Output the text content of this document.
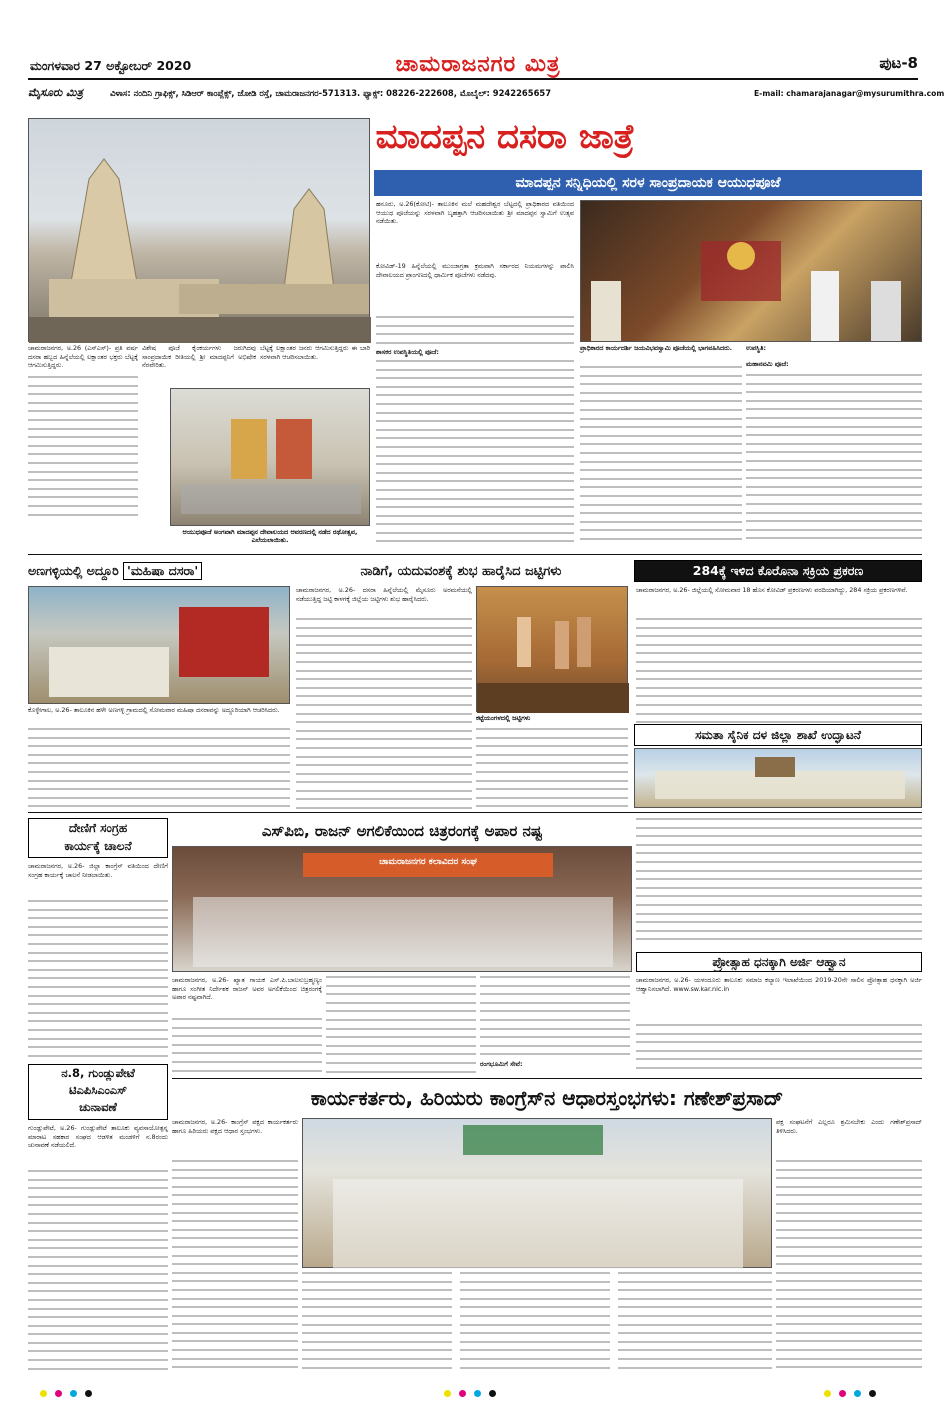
ಮಂಗಳವಾರ 27 ಅಕ್ಟೋಬರ್ 2020	ಚಾಮರಾಜನಗರ ಮಿತ್ರ	ಪುಟ-8
ಮೈಸೂರು ಮಿತ್ರ	ವಿಳಾಸ: ನಂದಿನಿ ಗ್ರಾಫಿಕ್ಸ್, ಸಿಡಿಆರ್ ಕಾಂಪ್ಲೆಕ್ಸ್, ಜೋಡಿ ರಸ್ತೆ, ಚಾಮರಾಜನಗರ-571313. ಫ್ಯಾಕ್ಸ್: 08226-222608, ಮೊಬೈಲ್: 9242265657	E-mail: chamarajanagar@mysurumithra.com
ಮಾದಪ್ಪನ ದಸರಾ ಜಾತ್ರೆ
ಮಾದಪ್ಪನ ಸನ್ನಿಧಿಯಲ್ಲಿ ಸರಳ ಸಾಂಪ್ರದಾಯಕ ಆಯುಧಪೂಜೆ
ಹನೂರು, ಅ.26(ಕೋಟಿ)- ತಾಲೂಕಿನ ಮಲೆ ಮಹದೇಶ್ವರ ಬೆಟ್ಟದಲ್ಲಿ ಪ್ರಾಧಿಕಾರದ ವತಿಯಿಂದ ಆಯುಧ ಪೂಜೆಯನ್ನು ಸರಳವಾಗಿ ಬೃಹತ್ತಾಗಿ ಆಚರಿಸಲಾಯಿತು ಶ್ರೀ ಮಾದಪ್ಪನ ಸ್ವಾಮಿಗೆ ಉತ್ಸವ ನಡೆಯಿತು.
ಕೋವಿಡ್-19 ಹಿನ್ನೆಲೆಯಲ್ಲಿ ಮುಂಜಾಗ್ರತಾ ಕ್ರಮವಾಗಿ ಸರ್ಕಾರದ ನಿಯಮಗಳನ್ನು ಪಾಲಿಸಿ ದೇವಾಲಯದ ಪ್ರಾಂಗಣದಲ್ಲಿ ಧಾರ್ಮಿಕ ಪೂಜೆಗಳು ನಡೆದವು.
ಚಾಮರಾಜನಗರ, ಅ.26 (ಎಸ್‌ಎಸ್)- ಪ್ರತಿ ವರ್ಷ ದಸರಾ ಹಬ್ಬದ ಹಿನ್ನೆಲೆಯಲ್ಲಿ ಲಕ್ಷಾಂತರ ಭಕ್ತರು ಬೆಟ್ಟಕ್ಕೆ ಆಗಮಿಸುತ್ತಿದ್ದರು.
ವಿಶೇಷ ಪೂಜೆ ಕೈಂಕರ್ಯಗಳು ಜರುಗಿದವು ಸಾಂಪ್ರದಾಯಿಕ ರೀತಿಯಲ್ಲಿ ಶ್ರೀ ಮಾದಪ್ಪನಿಗೆ ಅಭಿಷೇಕ ನೆರವೇರಿತು.
ಬೆಟ್ಟಕ್ಕೆ ಲಕ್ಷಾಂತರ ಜನರು ಆಗಮಿಸುತ್ತಿದ್ದರು ಈ ಬಾರಿ ಸರಳವಾಗಿ ಆಚರಿಸಲಾಯಿತು.
ಆಯುಧಪೂಜೆ ಅಂಗವಾಗಿ ಮಾದಪ್ಪನ ದೇವಾಲಯದ ಆವರಣದಲ್ಲಿ ನಡೆದ ರಥೋತ್ಸವ, ಎಲೆಯಲಾಯಿತು.
ಪ್ರಾಧಿಕಾರದ ಕಾರ್ಯದರ್ಶಿ ಜಯವಿಭವಸ್ವಾಮಿ ಪೂಜೆಯಲ್ಲಿ ಭಾಗವಹಿಸಿದರು.
ಶಾಸಕರ ಉಪಸ್ಥಿತಿಯಲ್ಲಿ ಪೂಜೆ:	ಉಪಸ್ಥಿತಿ:
ಮಹಾನವಮಿ ಪೂಜೆ:
ಅಣಗಳ್ಳಿಯಲ್ಲಿ ಅದ್ದೂರಿ
'ಮಹಿಷಾ ದಸರಾ'
ಕೊಳ್ಳೇಗಾಲ, ಅ.26- ತಾಲೂಕಿನ ಹಳೇ ಅಣಗಳ್ಳಿ ಗ್ರಾಮದಲ್ಲಿ ಸೋಮವಾರ ಮಹಿಷಾ ದಸರಾವನ್ನು ಅದ್ದೂರಿಯಾಗಿ ಆಚರಿಸಿದರು.
ನಾಡಿಗೆ, ಯದುವಂಶಕ್ಕೆ ಶುಭ ಹಾರೈಸಿದ ಜಟ್ಟಿಗಳು
ಚಾಮರಾಜನಗರ, ಅ.26- ದಸರಾ ಹಿನ್ನೆಲೆಯಲ್ಲಿ ಮೈಸೂರು ಅರಮನೆಯಲ್ಲಿ ನಡೆಯುತ್ತಿದ್ದ ಜಟ್ಟಿ ಕಾಳಗಕ್ಕೆ ಜಿಲ್ಲೆಯ ಜಟ್ಟಿಗಳು ಶುಭ ಹಾರೈಸಿದರು.
ಕಟ್ಟೆಯಂಗಳದಲ್ಲಿ ಜಟ್ಟಿಗಳು
284ಕ್ಕೆ ಇಳಿದ ಕೊರೊನಾ ಸಕ್ರಿಯ ಪ್ರಕರಣ
ಚಾಮರಾಜನಗರ, ಅ.26- ಜಿಲ್ಲೆಯಲ್ಲಿ ಸೋಮವಾರ 18 ಹೊಸ ಕೋವಿಡ್ ಪ್ರಕರಣಗಳು ವರದಿಯಾಗಿದ್ದು, 284 ಸಕ್ರಿಯ ಪ್ರಕರಣಗಳಿವೆ.
ಸಮತಾ ಸೈನಿಕ ದಳ ಜಿಲ್ಲಾ ಶಾಖೆ ಉದ್ಘಾಟನೆ
ದೇಣಿಗೆ ಸಂಗ್ರಹ
ಕಾರ್ಯಕ್ಕೆ ಚಾಲನೆ
ಚಾಮರಾಜನಗರ, ಅ.26- ಜಿಲ್ಲಾ ಕಾಂಗ್ರೆಸ್ ವತಿಯಿಂದ ದೇಣಿಗೆ ಸಂಗ್ರಹ ಕಾರ್ಯಕ್ಕೆ ಚಾಲನೆ ನೀಡಲಾಯಿತು.
ಎಸ್‌ಪಿಬಿ, ರಾಜನ್ ಅಗಲಿಕೆಯಿಂದ ಚಿತ್ರರಂಗಕ್ಕೆ ಅಪಾರ ನಷ್ಟ
ಚಾಮರಾಜನಗರ ಕಲಾವಿದರ ಸಂಘ
ಚಾಮರಾಜನಗರ, ಅ.26- ಖ್ಯಾತ ಗಾಯಕ ಎಸ್.ಪಿ.ಬಾಲಸುಬ್ರಹ್ಮಣ್ಯಂ ಹಾಗೂ ಸಂಗೀತ ನಿರ್ದೇಶಕ ರಾಜನ್ ಅವರ ಅಗಲಿಕೆಯಿಂದ ಚಿತ್ರರಂಗಕ್ಕೆ ಅಪಾರ ನಷ್ಟವಾಗಿದೆ.
ರಂಗಭೂಮಿಗೆ ಸೇವೆ:
ಪ್ರೋತ್ಸಾಹ ಧನಕ್ಕಾಗಿ ಅರ್ಜಿ ಆಹ್ವಾನ
ಚಾಮರಾಜನಗರ, ಅ.26- ಯಳಂದೂರು ತಾಲೂಕು ಸಮಾಜ ಕಲ್ಯಾಣ ಇಲಾಖೆಯಿಂದ 2019-20ನೇ ಸಾಲಿನ ಪ್ರೋತ್ಸಾಹ ಧನಕ್ಕಾಗಿ ಅರ್ಜಿ ಆಹ್ವಾನಿಸಲಾಗಿದೆ. www.sw.kar.nic.in
ನ.8, ಗುಂಡ್ಲುಪೇಟೆ
ಟಿಎಪಿಸಿಎಂಎಸ್
ಚುನಾವಣೆ
ಗುಂಡ್ಲುಪೇಟೆ, ಅ.26- ಗುಂಡ್ಲುಪೇಟೆ ತಾಲೂಕು ವ್ಯವಸಾಯೋತ್ಪನ್ನ ಮಾರಾಟ ಸಹಕಾರ ಸಂಘದ ಆಡಳಿತ ಮಂಡಳಿಗೆ ನ.8ರಂದು ಚುನಾವಣೆ ನಡೆಯಲಿದೆ.
ಕಾರ್ಯಕರ್ತರು, ಹಿರಿಯರು ಕಾಂಗ್ರೆಸ್‌ನ ಆಧಾರಸ್ತಂಭಗಳು: ಗಣೇಶ್‌ಪ್ರಸಾದ್
ಚಾಮರಾಜನಗರ, ಅ.26- ಕಾಂಗ್ರೆಸ್ ಪಕ್ಷದ ಕಾರ್ಯಕರ್ತರು ಹಾಗೂ ಹಿರಿಯರು ಪಕ್ಷದ ಆಧಾರ ಸ್ತಂಭಗಳು.
ಪಕ್ಷ ಸಂಘಟನೆಗೆ ಎಲ್ಲರೂ ಶ್ರಮಿಸಬೇಕು ಎಂದು ಗಣೇಶ್‌ಪ್ರಸಾದ್ ತಿಳಿಸಿದರು.
